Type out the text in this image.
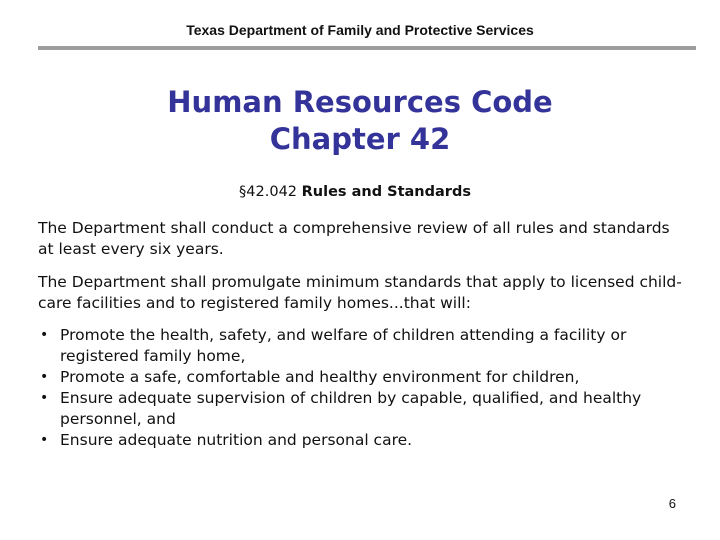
Texas Department of Family and Protective Services
Human Resources Code
Chapter 42
§42.042 Rules and Standards
The Department shall conduct a comprehensive review of all rules and standards at least every six years.
The Department shall promulgate minimum standards that apply to licensed child-care facilities and to registered family homes...that will:
• Promote the health, safety, and welfare of children attending a facility or registered family home,
• Promote a safe, comfortable and healthy environment for children,
• Ensure adequate supervision of children by capable, qualified, and healthy personnel, and
• Ensure adequate nutrition and personal care.
6
